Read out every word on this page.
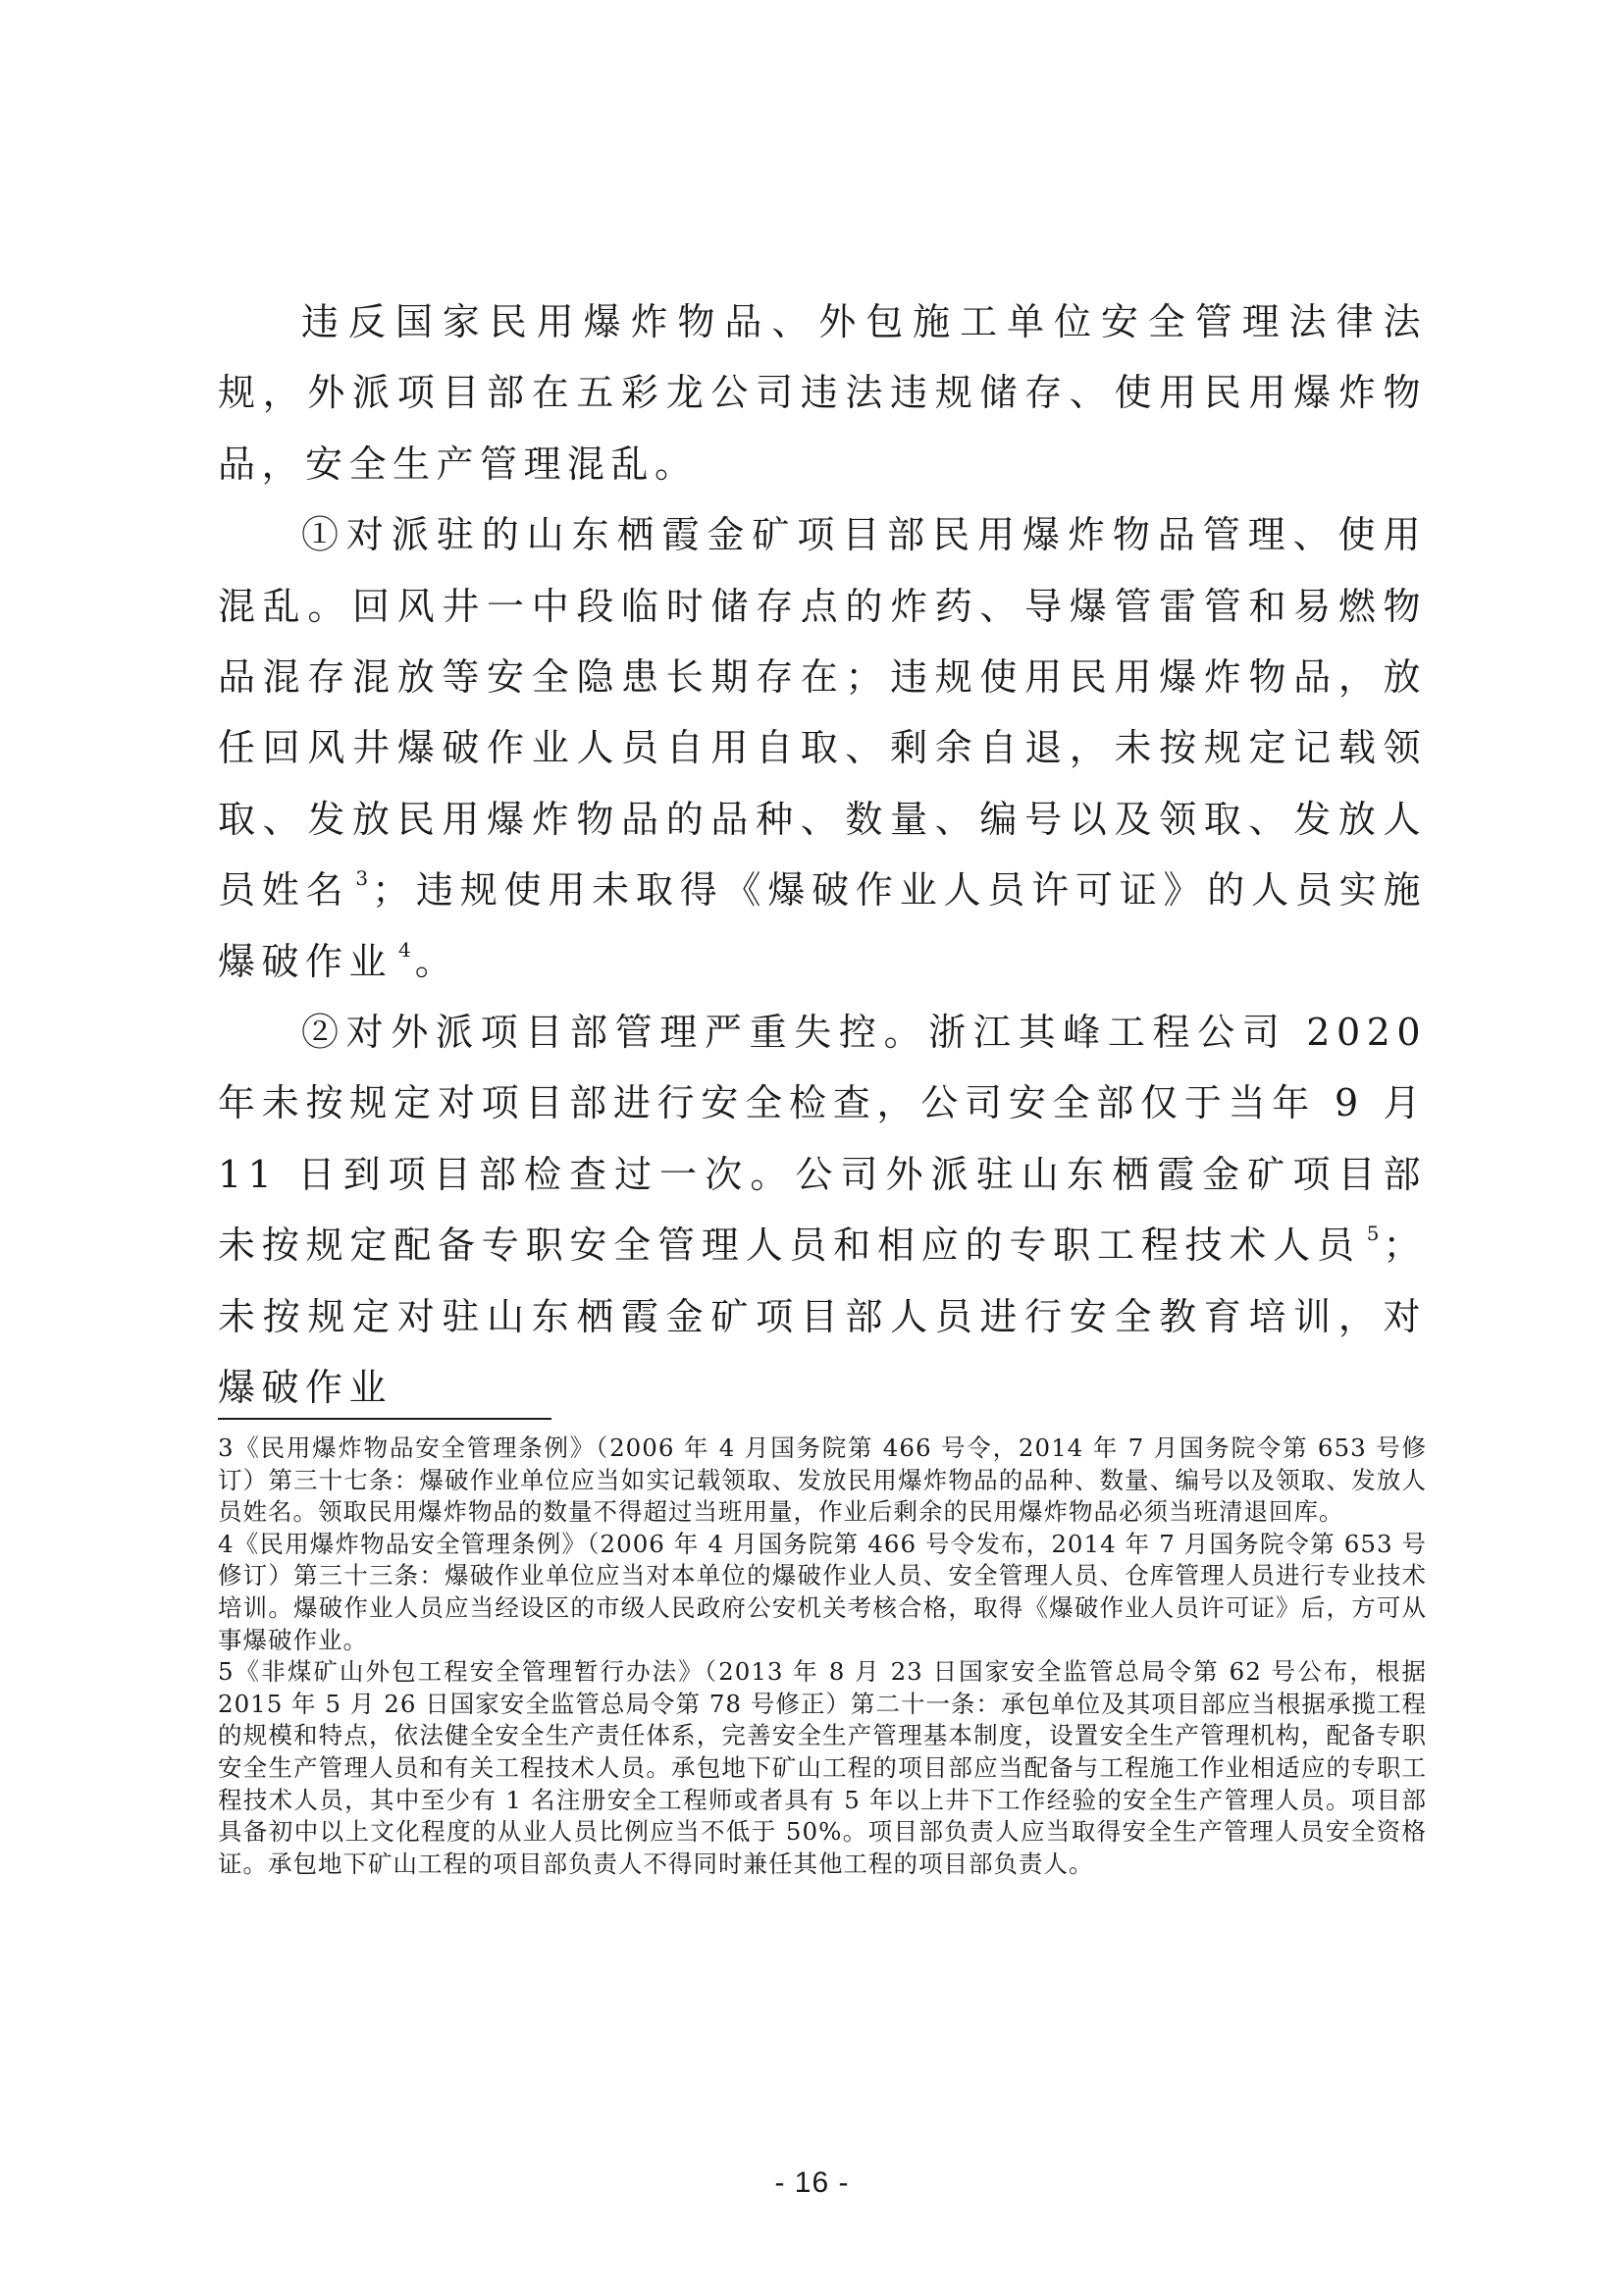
违反国家民用爆炸物品、外包施工单位安全管理法律法规，外派项目部在五彩龙公司违法违规储存、使用民用爆炸物品，安全生产管理混乱。

①对派驻的山东栖霞金矿项目部民用爆炸物品管理、使用混乱。回风井一中段临时储存点的炸药、导爆管雷管和易燃物品混存混放等安全隐患长期存在；违规使用民用爆炸物品，放任回风井爆破作业人员自用自取、剩余自退，未按规定记载领取、发放民用爆炸物品的品种、数量、编号以及领取、发放人员姓名 $^3$ ；违规使用未取得《爆破作业人员许可证》的人员实施爆破作业 $^4$ 。

②对外派项目部管理严重失控。浙江其峰工程公司 2020 年未按规定对项目部进行安全检查，公司安全部仅于当年 9 月 11 日到项目部检查过一次。公司外派驻山东栖霞金矿项目部未按规定配备专职安全管理人员和相应的专职工程技术人员 $^5$ ；未按规定对驻山东栖霞金矿项目部人员进行安全教育培训，对爆破作业

3《民用爆炸物品安全管理条例》（2006 年 4 月国务院第 466 号令，2014 年 7 月国务院令第 653 号修订）第三十七条：爆破作业单位应当如实记载领取、发放民用爆炸物品的品种、数量、编号以及领取、发放人员姓名。领取民用爆炸物品的数量不得超过当班用量，作业后剩余的民用爆炸物品必须当班清退回库。

4《民用爆炸物品安全管理条例》（2006 年 4 月国务院第 466 号令发布，2014 年 7 月国务院令第 653 号修订）第三十三条：爆破作业单位应当对本单位的爆破作业人员、安全管理人员、仓库管理人员进行专业技术培训。爆破作业人员应当经设区的市级人民政府公安机关考核合格，取得《爆破作业人员许可证》后，方可从事爆破作业。

5《非煤矿山外包工程安全管理暂行办法》（2013 年 8 月 23 日国家安全监管总局令第 62 号公布，根据 2015 年 5 月 26 日国家安全监管总局令第 78 号修正）第二十一条：承包单位及其项目部应当根据承揽工程的规模和特点，依法健全安全生产责任体系，完善安全生产管理基本制度，设置安全生产管理机构，配备专职安全生产管理人员和有关工程技术人员。承包地下矿山工程的项目部应当配备与工程施工作业相适应的专职工程技术人员，其中至少有 1 名注册安全工程师或者具有 5 年以上井下工作经验的安全生产管理人员。项目部具备初中以上文化程度的从业人员比例应当不低于 50%。项目部负责人应当取得安全生产管理人员安全资格证。承包地下矿山工程的项目部负责人不得同时兼任其他工程的项目部负责人。

- 16 -
